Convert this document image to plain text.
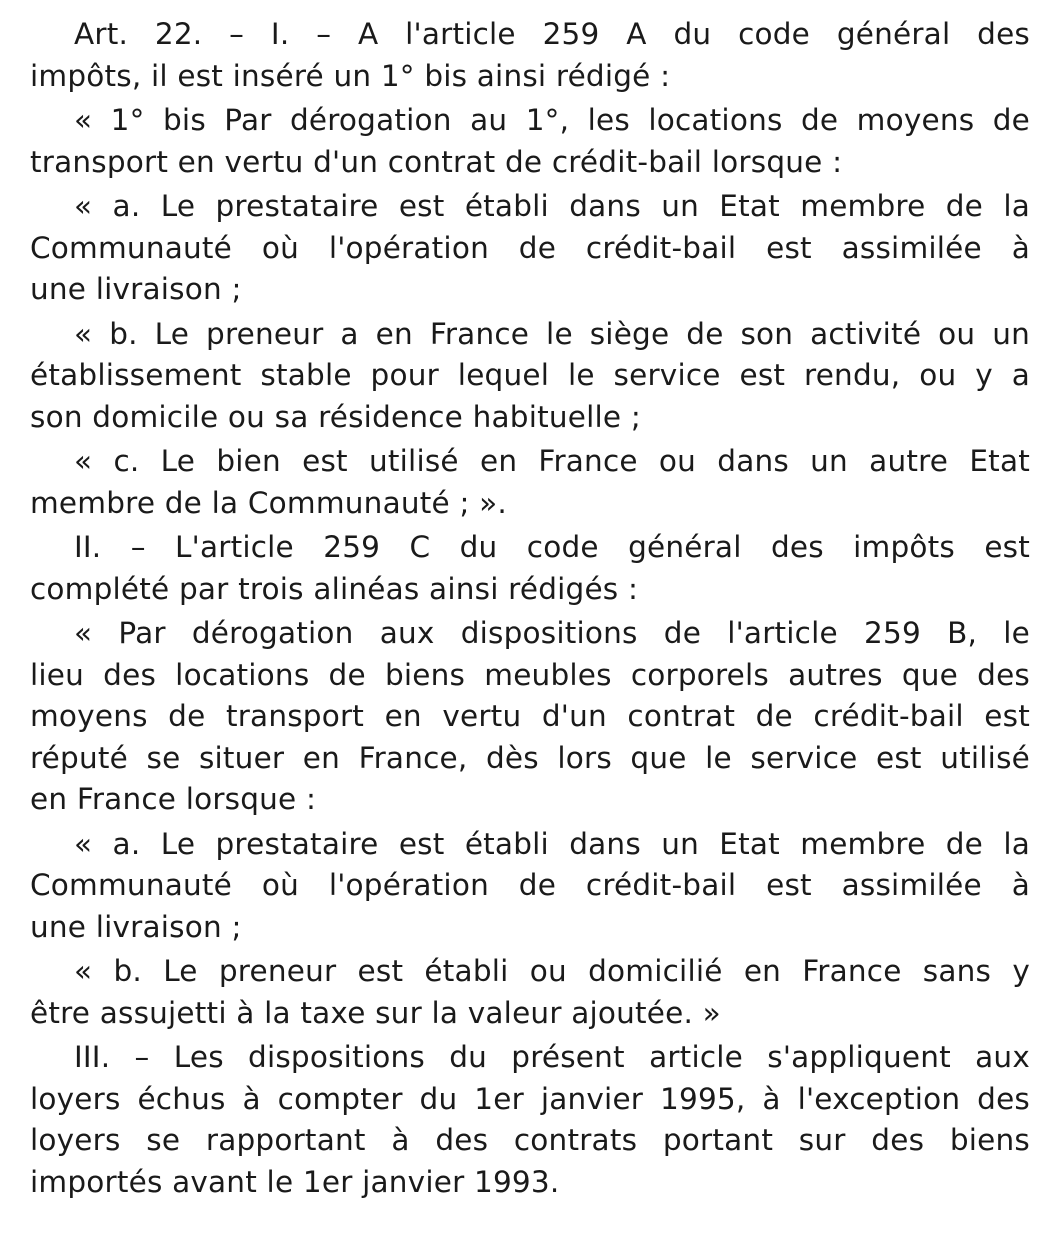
Art. 22. – I. – A l'article 259 A du code général des
impôts, il est inséré un 1° bis ainsi rédigé :
« 1° bis Par dérogation au 1°, les locations de moyens de
transport en vertu d'un contrat de crédit-bail lorsque :
« a. Le prestataire est établi dans un Etat membre de la
Communauté où l'opération de crédit-bail est assimilée à
une livraison ;
« b. Le preneur a en France le siège de son activité ou un
établissement stable pour lequel le service est rendu, ou y a
son domicile ou sa résidence habituelle ;
« c. Le bien est utilisé en France ou dans un autre Etat
membre de la Communauté ; ».
II. – L'article 259 C du code général des impôts est
complété par trois alinéas ainsi rédigés :
« Par dérogation aux dispositions de l'article 259 B, le
lieu des locations de biens meubles corporels autres que des
moyens de transport en vertu d'un contrat de crédit-bail est
réputé se situer en France, dès lors que le service est utilisé
en France lorsque :
« a. Le prestataire est établi dans un Etat membre de la
Communauté où l'opération de crédit-bail est assimilée à
une livraison ;
« b. Le preneur est établi ou domicilié en France sans y
être assujetti à la taxe sur la valeur ajoutée. »
III. – Les dispositions du présent article s'appliquent aux
loyers échus à compter du 1er janvier 1995, à l'exception des
loyers se rapportant à des contrats portant sur des biens
importés avant le 1er janvier 1993.
